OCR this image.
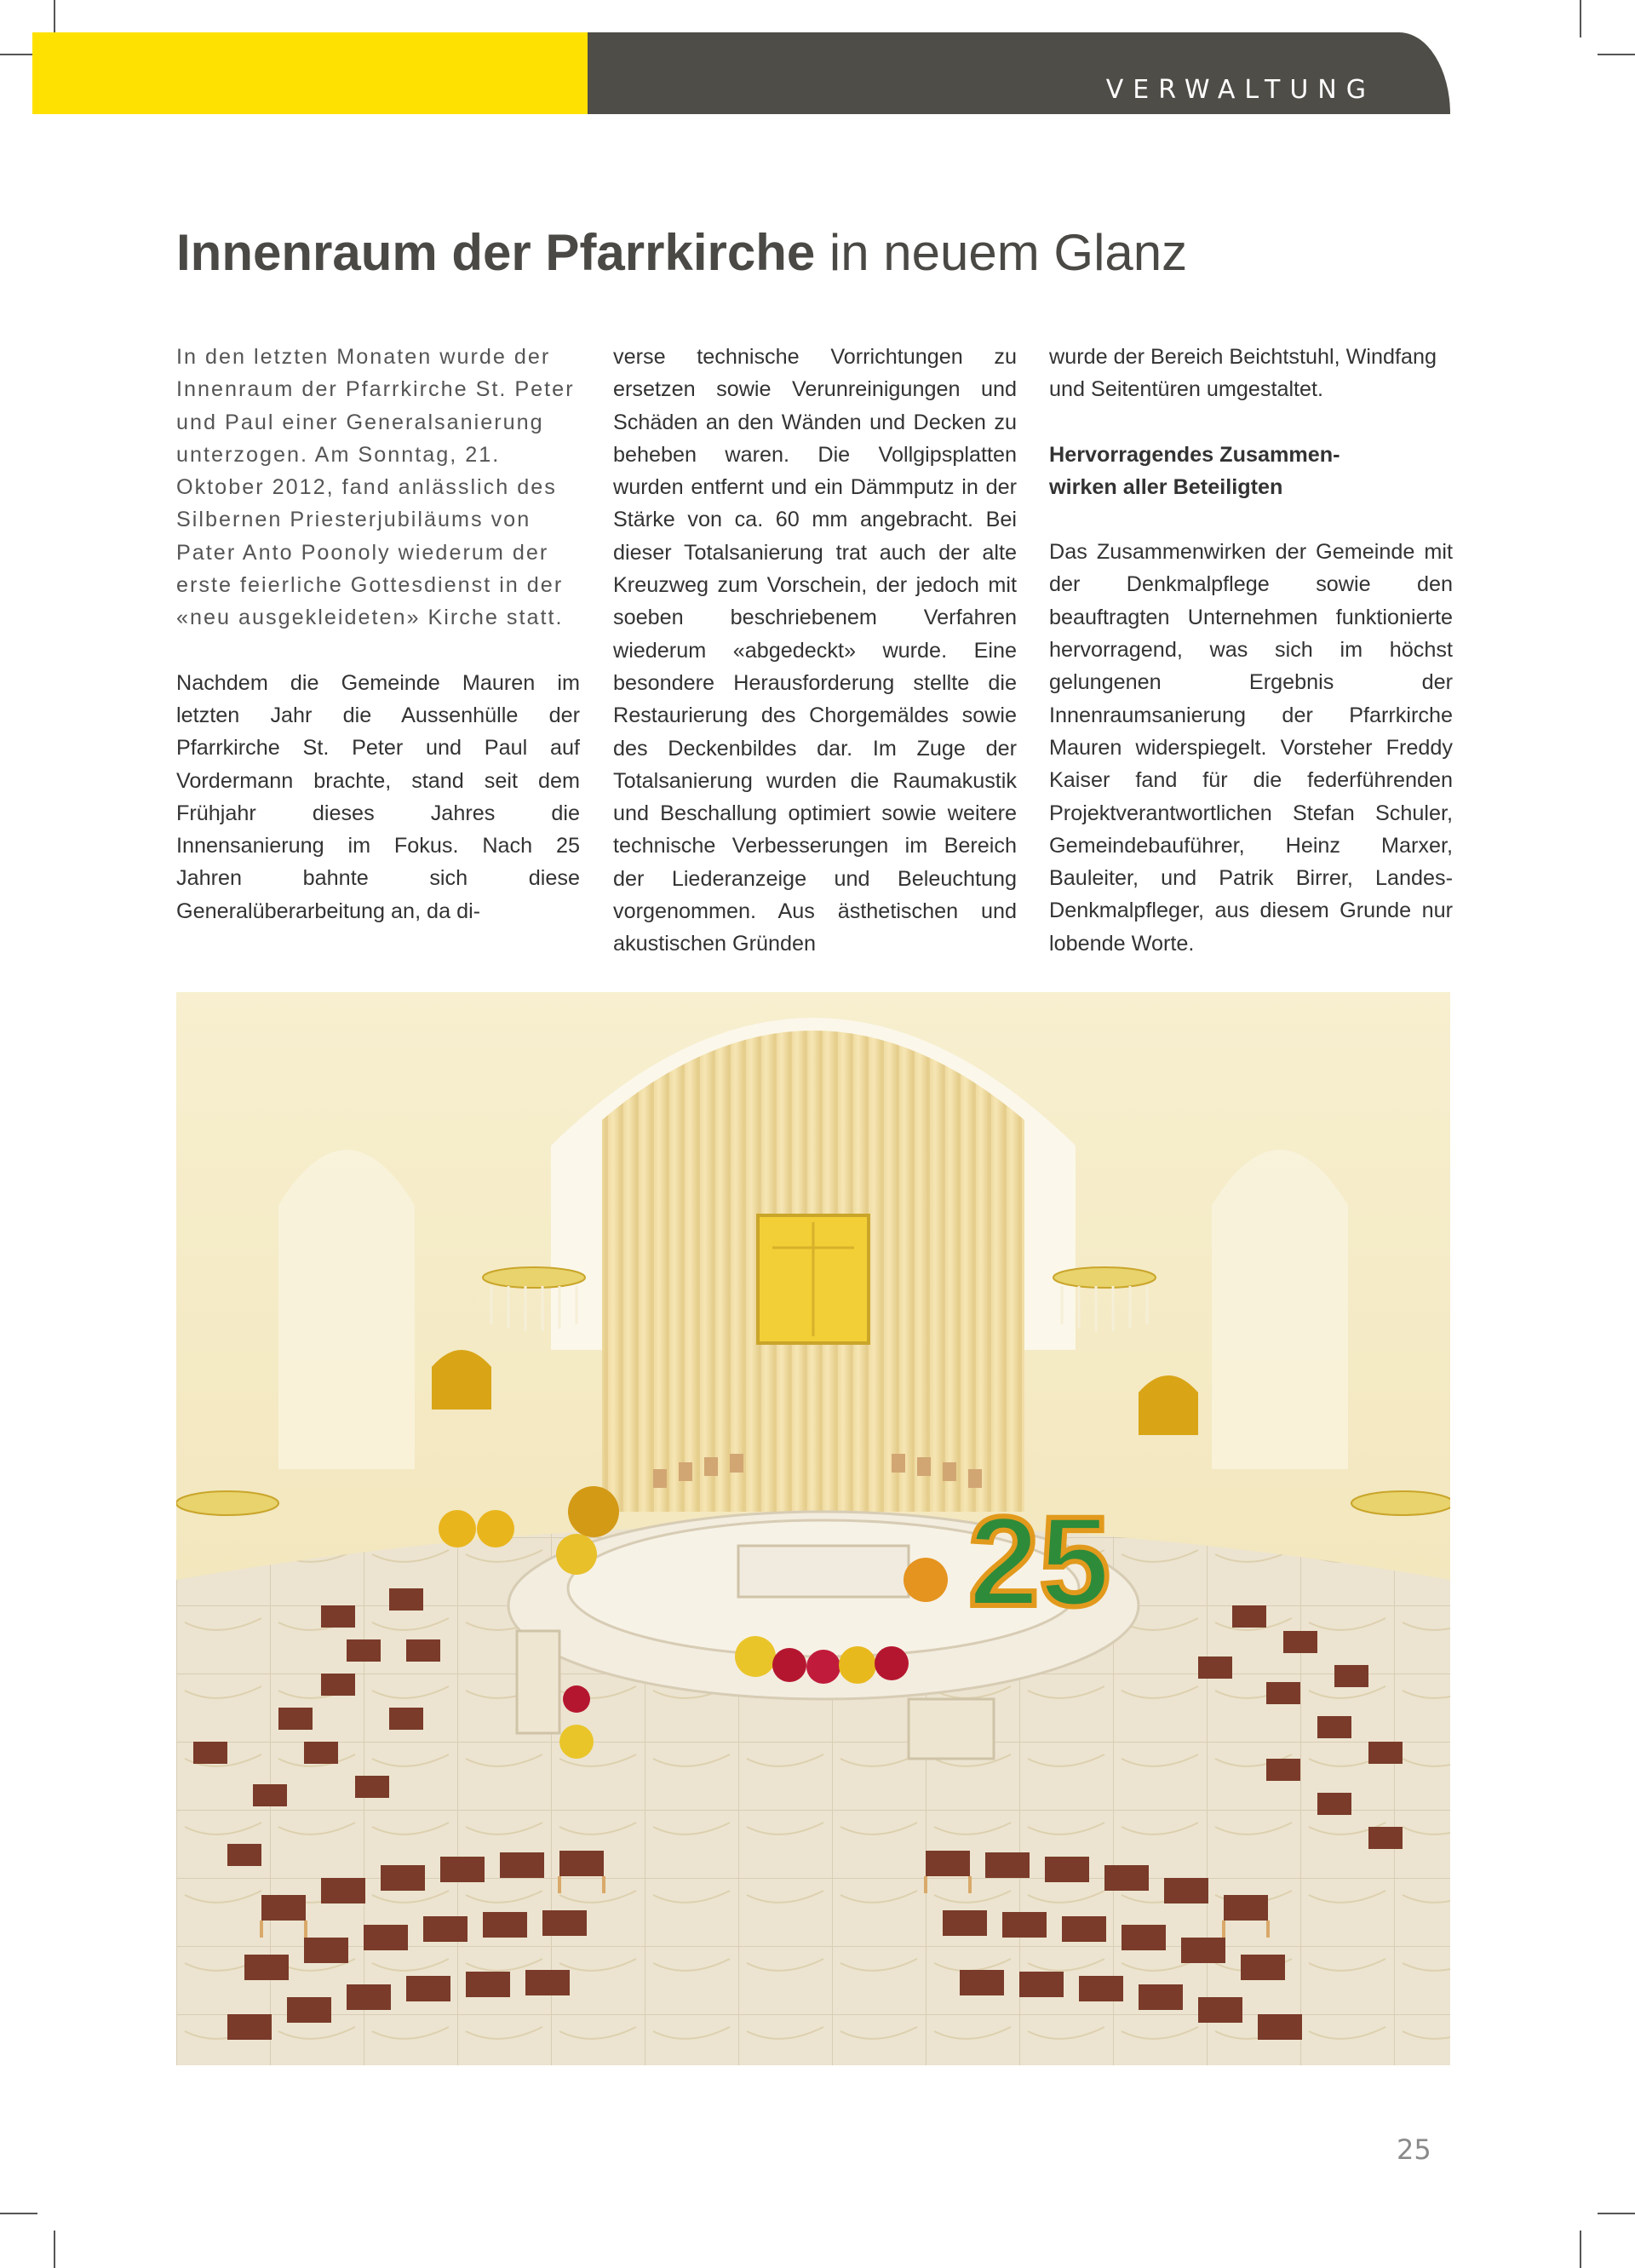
VERWALTUNG
Innenraum der Pfarrkirche in neuem Glanz

In den letzten Monaten wurde der Innenraum der Pfarrkirche St. Peter und Paul einer Generalsanierung unterzogen. Am Sonntag, 21. Oktober 2012, fand anlässlich des Silbernen Priesterjubiläums von Pater Anto Poonoly wiederum der erste feierliche Gottesdienst in der «neu ausgekleideten» Kirche statt.

Nachdem die Gemeinde Mauren im letzten Jahr die Aussenhülle der Pfarrkirche St. Peter und Paul auf Vordermann brachte, stand seit dem Frühjahr dieses Jahres die Innensanierung im Fokus. Nach 25 Jahren bahnte sich diese Generalüberarbeitung an, da di-

verse technische Vorrichtungen zu ersetzen sowie Verunreinigungen und Schäden an den Wänden und Decken zu beheben waren. Die Vollgipsplatten wurden entfernt und ein Dämmputz in der Stärke von ca. 60 mm angebracht. Bei dieser Totalsanierung trat auch der alte Kreuzweg zum Vorschein, der jedoch mit soeben beschriebenem Verfahren wiederum «abgedeckt» wurde. Eine besondere Herausforderung stellte die Restaurierung des Chorgemäldes sowie des Deckenbildes dar. Im Zuge der Totalsanierung wurden die Raumakustik und Beschallung optimiert sowie weitere technische Verbesserungen im Bereich der Liederanzeige und Beleuchtung vorgenommen. Aus ästhetischen und akustischen Gründen

wurde der Bereich Beichtstuhl, Windfang und Seitentüren umgestaltet.

Hervorragendes Zusammen-
wirken aller Beteiligten

Das Zusammenwirken der Gemeinde mit der Denkmalpflege sowie den beauftragten Unternehmen funktionierte hervorragend, was sich im höchst gelungenen Ergebnis der Innenraumsanierung der Pfarrkirche Mauren widerspiegelt. Vorsteher Freddy Kaiser fand für die federführenden Projektverantwortlichen Stefan Schuler, Gemeindebauführer, Heinz Marxer, Bauleiter, und Patrik Birrer, Landes-Denkmalpfleger, aus diesem Grunde nur lobende Worte.

25
25
